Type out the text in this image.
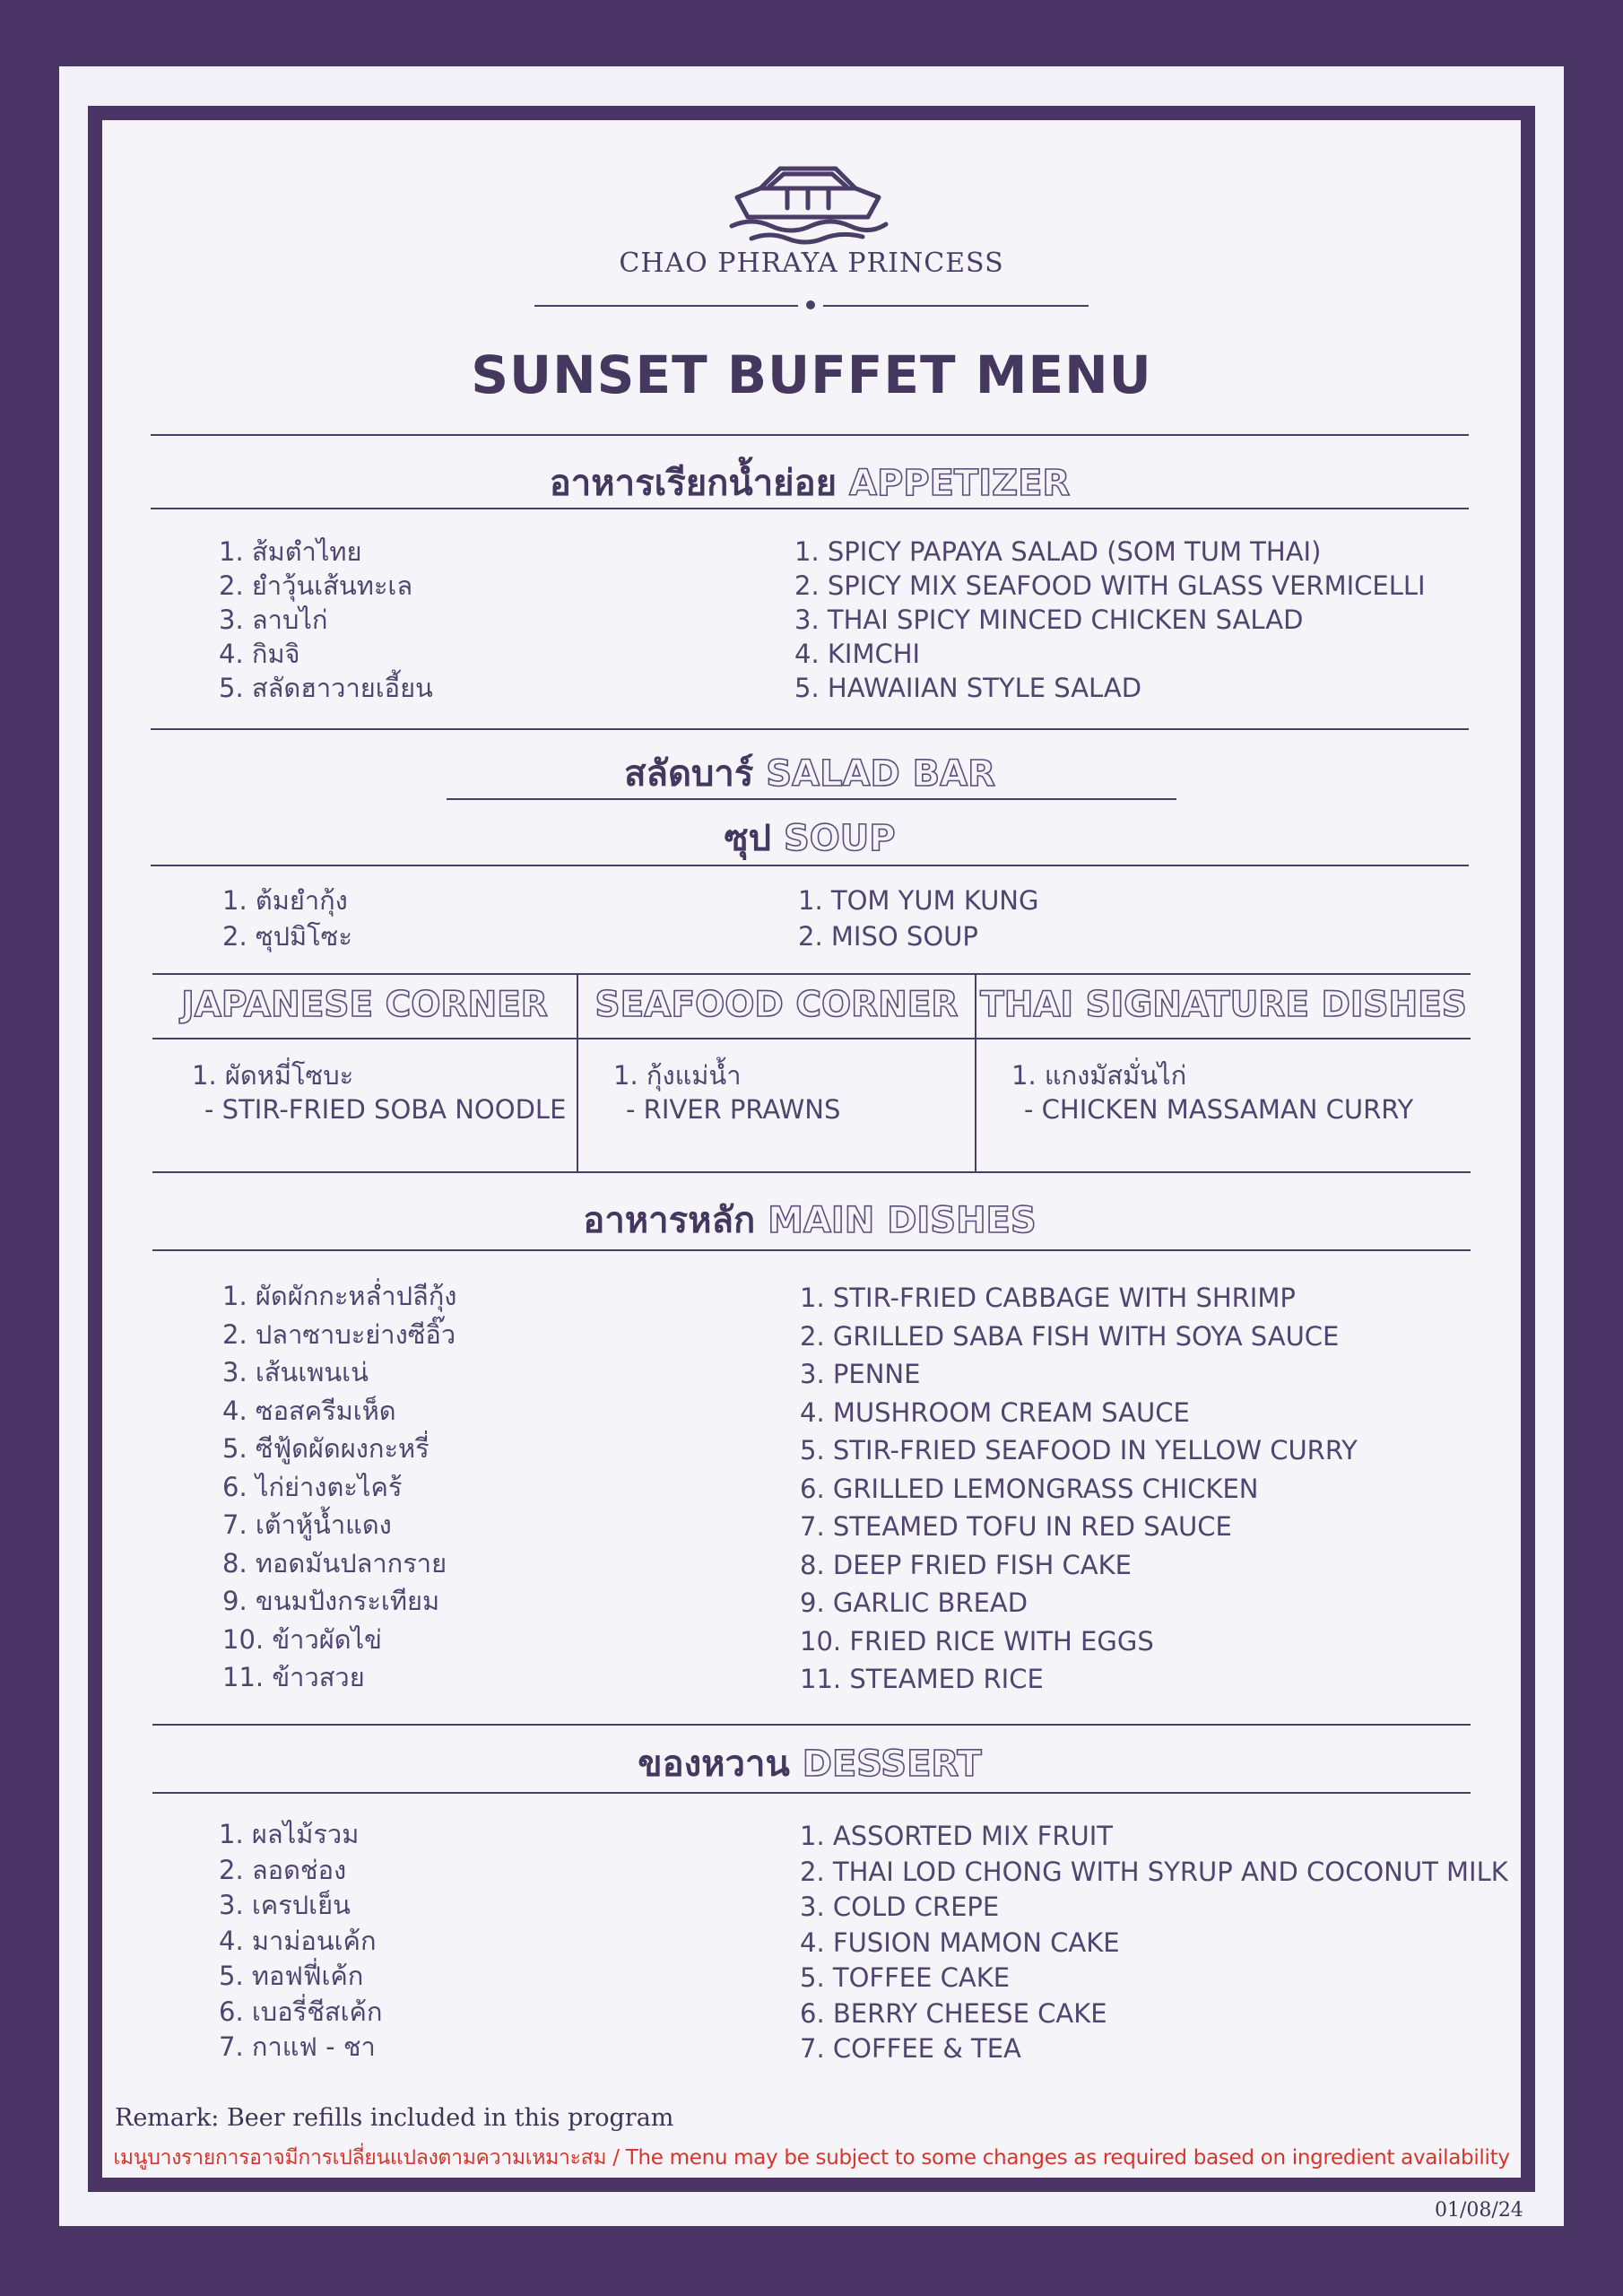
CHAO PHRAYA PRINCESS
SUNSET BUFFET MENU
อาหารเรียกน้ำย่อย APPETIZER
1. ส้มตำไทย
2. ยำวุ้นเส้นทะเล
3. ลาบไก่
4. กิมจิ
5. สลัดฮาวายเอี้ยน
1. SPICY PAPAYA SALAD (SOM TUM THAI)
2. SPICY MIX SEAFOOD WITH GLASS VERMICELLI
3. THAI SPICY MINCED CHICKEN SALAD
4. KIMCHI
5. HAWAIIAN STYLE SALAD
สลัดบาร์ SALAD BAR
ซุป SOUP
1. ต้มยำกุ้ง
2. ซุปมิโซะ
1. TOM YUM KUNG
2. MISO SOUP
JAPANESE CORNER	SEAFOOD CORNER THAI SIGNATURE DISHES
1. ผัดหมี่โซบะ
- STIR-FRIED SOBA NOODLE
1. กุ้งแม่น้ำ
- RIVER PRAWNS
1. แกงมัสมั่นไก่
- CHICKEN MASSAMAN CURRY
อาหารหลัก MAIN DISHES
1. ผัดผักกะหล่ำปลีกุ้ง
2. ปลาซาบะย่างซีอิ๊ว
3. เส้นเพนเน่
4. ซอสครีมเห็ด
5. ซีฟู้ดผัดผงกะหรี่
6. ไก่ย่างตะไคร้
7. เต้าหู้น้ำแดง
8. ทอดมันปลากราย
9. ขนมปังกระเทียม
10. ข้าวผัดไข่
11. ข้าวสวย
1. STIR-FRIED CABBAGE WITH SHRIMP
2. GRILLED SABA FISH WITH SOYA SAUCE
3. PENNE
4. MUSHROOM CREAM SAUCE
5. STIR-FRIED SEAFOOD IN YELLOW CURRY
6. GRILLED LEMONGRASS CHICKEN
7. STEAMED TOFU IN RED SAUCE
8. DEEP FRIED FISH CAKE
9. GARLIC BREAD
10. FRIED RICE WITH EGGS
11. STEAMED RICE
ของหวาน DESSERT
1. ผลไม้รวม
2. ลอดช่อง
3. เครปเย็น
4. มาม่อนเค้ก
5. ทอฟฟี่เค้ก
6. เบอรี่ชีสเค้ก
7. กาแฟ - ชา
1. ASSORTED MIX FRUIT
2. THAI LOD CHONG WITH SYRUP AND COCONUT MILK
3. COLD CREPE
4. FUSION MAMON CAKE
5. TOFFEE CAKE
6. BERRY CHEESE CAKE
7. COFFEE & TEA
Remark: Beer refills included in this program
เมนูบางรายการอาจมีการเปลี่ยนแปลงตามความเหมาะสม / The menu may be subject to some changes as required based on ingredient availability
01/08/24
